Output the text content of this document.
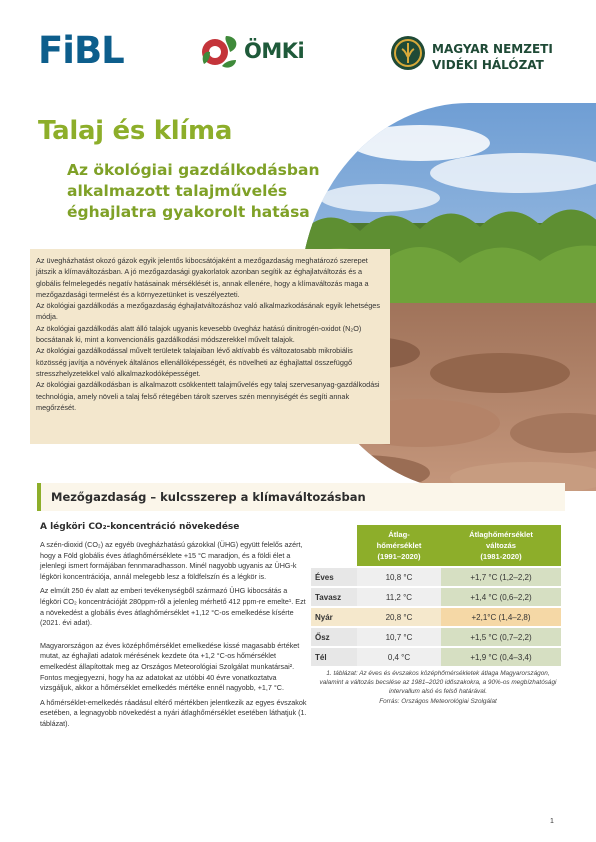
FiBL	ÖMKi	MAGYAR NEMZETI
VIDÉKI HÁLÓZAT
Talaj és klíma
Az ökológiai gazdálkodásban alkalmazott talajművelés éghajlatra gyakorolt hatása

Az üvegházhatást okozó gázok egyik jelentős kibocsátójaként a mezőgazdaság meghatározó szerepet játszik a klímaváltozásban. A jó mezőgazdasági gyakorlatok azonban segítik az éghajlatváltozás és a globális felmelegedés negatív hatásainak mérséklését is, annak ellenére, hogy a klímaváltozás maga a mezőgazdasági termelést és a környezetünket is veszélyezteti.

Az ökológiai gazdálkodás a mezőgazdaság éghajlatváltozáshoz való alkalmazkodásának egyik lehetséges módja.

Az ökológiai gazdálkodás alatt álló talajok ugyanis kevesebb üvegház hatású dinitrogén-oxidot (N₂O) bocsátanak ki, mint a konvencionális gazdálkodási módszerekkel művelt talajok.

Az ökológiai gazdálkodással művelt területek talajaiban lévő aktívabb és változatosabb mikrobiális közösség javítja a növények általános ellenállóképességét, és növelheti az éghajlattal összefüggő stresszhelyzetekkel való alkalmazkodóképességet.

Az ökológiai gazdálkodásban is alkalmazott csökkentett talajművelés egy talaj szervesanyag-gazdálkodási technológia, amely növeli a talaj felső rétegében tárolt szerves szén mennyiségét és segíti annak megőrzését.

Mezőgazdaság – kulcsszerep a klímaváltozásban
A légköri CO₂-koncentráció növekedése

A szén-dioxid (CO₂) az egyéb üvegházhatású gázokkal (ÜHG) együtt felelős azért, hogy a Föld globális éves átlaghőmérséklete +15 °C maradjon, és a földi élet a jelenlegi ismert formájában fennmaradhasson. Minél nagyobb ugyanis az ÜHG-k légköri koncentrációja, annál melegebb lesz a földfelszín és a légkör is.

Az elmúlt 250 év alatt az emberi tevékenységből származó ÜHG kibocsátás a légköri CO₂ koncentrációját 280ppm-ről a jelenleg mérhető 412 ppm-re emelte¹. Ezt a növekedést a globális éves átlaghőmérséklet +1,12 °C-os emelkedése kísérte (2021. évi adat).

Magyarországon az éves középhőmérséklet emelkedése kissé magasabb értéket mutat, az éghajlati adatok mérésének kezdete óta +1,2 °C-os hőmérséklet emelkedést állapítottak meg az Országos Meteorológiai Szolgálat munkatársai². Fontos megjegyezni, hogy ha az adatokat az utóbbi 40 évre vonatkoztatva vizsgáljuk, akkor a hőmérséklet emelkedés mértéke ennél nagyobb, +1,7 °C.

A hőmérséklet-emelkedés ráadásul eltérő mértékben jelentkezik az egyes évszakok esetében, a legnagyobb növekedést a nyári átlaghőmérséklet esetében láthatjuk (1. táblázat).

	Átlag-
hőmérséklet
(1991–2020)	Átlaghőmérséklet
változás
(1981-2020)
Éves	10,8 °C	+1,7 °C (1,2–2,2)
Tavasz	11,2 °C	+1,4 °C (0,6–2,2)
Nyár	20,8 °C	+2,1°C (1,4–2,8)
Ősz	10,7 °C	+1,5 °C (0,7–2,2)
Tél	0,4 °C	+1,9 °C (0,4–3,4)
1. táblázat: Az éves és évszakos középhőmérsékletek átlaga Magyarországon, valamint a változás becslése az 1981–2020 időszakokra, a 90%-os megbízhatósági intervallum alsó és felső határával.
Forrás: Országos Meteorológiai Szolgálat
1
